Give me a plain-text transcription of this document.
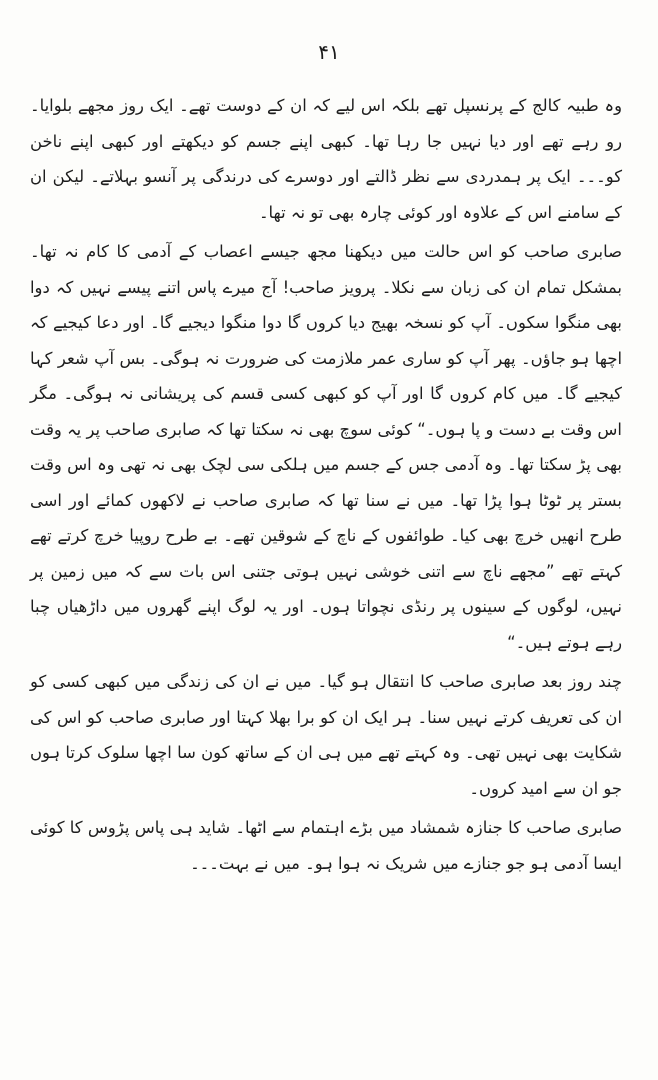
۴۱

وہ طبیہ کالج کے پرنسپل تھے بلکہ اس لیے کہ ان کے دوست تھے۔ ایک روز مجھے بلوایا۔ رو رہے تھے اور دیا نہیں جا رہا تھا۔ کبھی اپنے جسم کو دیکھتے اور کبھی اپنے ناخن کو۔۔۔ ایک پر ہمدردی سے نظر ڈالتے اور دوسرے کی درندگی پر آنسو بہلاتے۔ لیکن ان کے سامنے اس کے علاوہ اور کوئی چارہ بھی تو نہ تھا۔

صابری صاحب کو اس حالت میں دیکھنا مجھ جیسے اعصاب کے آدمی کا کام نہ تھا۔ بمشکل تمام ان کی زبان سے نکلا۔ پرویز صاحب! آج میرے پاس اتنے پیسے نہیں کہ دوا بھی منگوا سکوں۔ آپ کو نسخہ بھیج دیا کروں گا دوا منگوا دیجیے گا۔ اور دعا کیجیے کہ اچھا ہو جاؤں۔ پھر آپ کو ساری عمر ملازمت کی ضرورت نہ ہوگی۔ بس آپ شعر کہا کیجیے گا۔ میں کام کروں گا اور آپ کو کبھی کسی قسم کی پریشانی نہ ہوگی۔ مگر اس وقت بے دست و پا ہوں۔“ کوئی سوچ بھی نہ سکتا تھا کہ صابری صاحب پر یہ وقت بھی پڑ سکتا تھا۔ وہ آدمی جس کے جسم میں ہلکی سی لچک بھی نہ تھی وہ اس وقت بستر پر ٹوٹا ہوا پڑا تھا۔ میں نے سنا تھا کہ صابری صاحب نے لاکھوں کمائے اور اسی طرح انھیں خرچ بھی کیا۔ طوائفوں کے ناچ کے شوقین تھے۔ بے طرح روپیا خرچ کرتے تھے کہتے تھے ”مجھے ناچ سے اتنی خوشی نہیں ہوتی جتنی اس بات سے کہ میں زمین پر نہیں، لوگوں کے سینوں پر رنڈی نچواتا ہوں۔ اور یہ لوگ اپنے گھروں میں داڑھیاں چبا رہے ہوتے ہیں۔“

چند روز بعد صابری صاحب کا انتقال ہو گیا۔ میں نے ان کی زندگی میں کبھی کسی کو ان کی تعریف کرتے نہیں سنا۔ ہر ایک ان کو برا بھلا کہتا اور صابری صاحب کو اس کی شکایت بھی نہیں تھی۔ وہ کہتے تھے میں ہی ان کے ساتھ کون سا اچھا سلوک کرتا ہوں جو ان سے امید کروں۔

صابری صاحب کا جنازہ شمشاد میں بڑے اہتمام سے اٹھا۔ شاید ہی پاس پڑوس کا کوئی ایسا آدمی ہو جو جنازے میں شریک نہ ہوا ہو۔ میں نے بہت۔۔۔
